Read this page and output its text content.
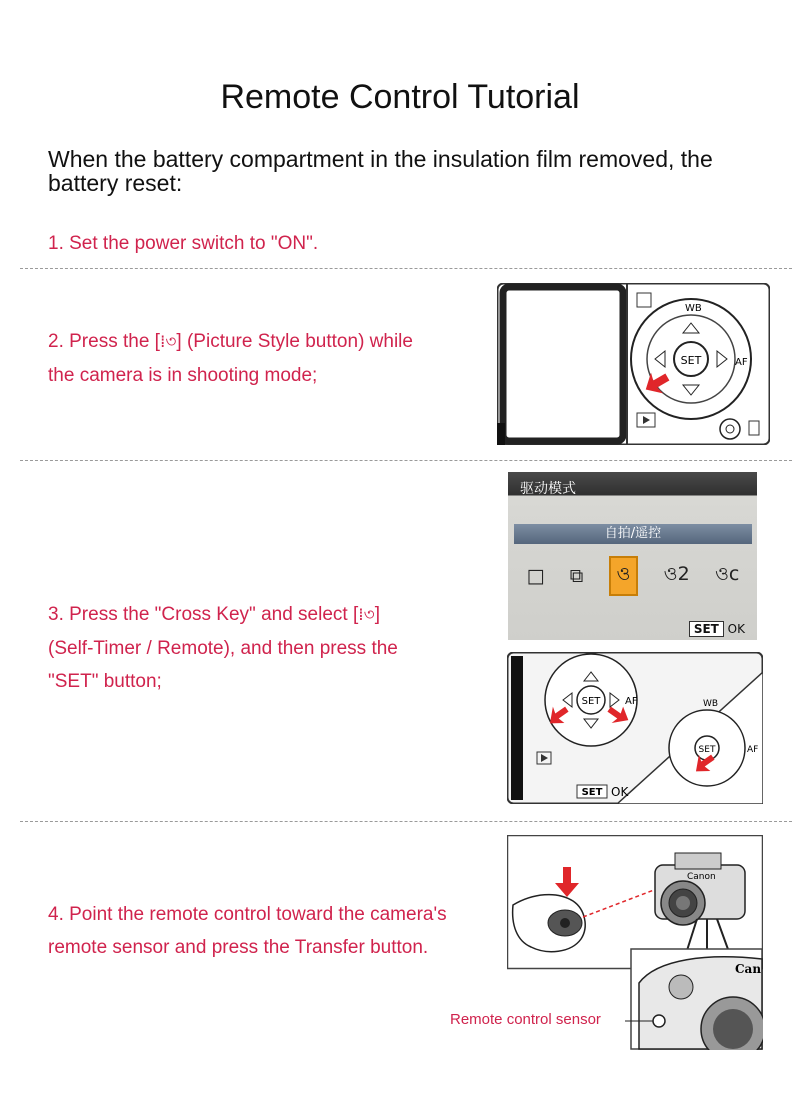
Remote Control Tutorial
When the battery compartment in the insulation film removed, the battery reset:
1. Set the power switch to "ON".
2. Press the [⁞৩] (Picture Style button) while
the camera is in shooting mode;
SET
WB
AF
驱动模式
自拍/遥控
□ ⧉	ও	ও2 ওc
SET OK
3. Press the "Cross Key" and select [⁞৩]
(Self-Timer / Remote), and then press the
"SET" button;
SET AF
SET
WB
AF
SET OK
4. Point the remote control toward the camera's
remote sensor and press the Transfer button.
Canon
Can
Remote control sensor
